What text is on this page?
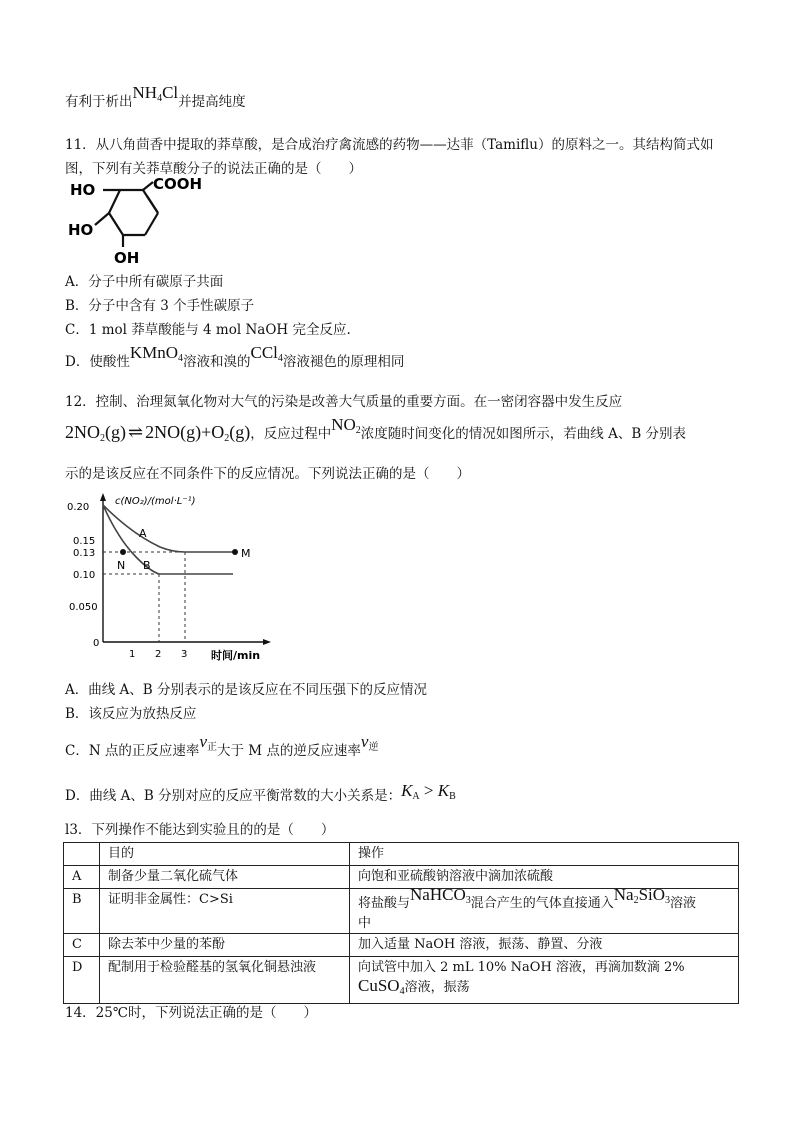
有利于析出$NH_4Cl$并提高纯度
11．从八角茴香中提取的莽草酸，是合成治疗禽流感的药物——达菲（Tamiflu）的原料之一。其结构简式如
图，下列有关莽草酸分子的说法正确的是（　　）
HO	COOH
HO
OH
A．分子中所有碳原子共面
B．分子中含有 3 个手性碳原子
C．1 mol 莽草酸能与 4 mol NaOH 完全反应.
D．使酸性KMnO$_4$溶液和溴的CCl$_4$溶液褪色的原理相同
12．控制、治理氮氧化物对大气的污染是改善大气质量的重要方面。在一密闭容器中发生反应
$2NO_2(g)$ ⇌ $2NO(g)+O_2(g)$，反应过程中$NO_2$浓度随时间变化的情况如图所示，若曲线 A、B 分别表
示的是该反应在不同条件下的反应情况。下列说法正确的是（　　）
c(NO₂)/(mol·L⁻¹)
时间/min
0.20
0.15
0.13
0.10
0.050
0
1 2 3
A
B
N
M
A．曲线 A、B 分别表示的是该反应在不同压强下的反应情况
B．该反应为放热反应
C．N 点的正反应速率$v_正$大于 M 点的逆反应速率$v_逆$
D．曲线 A、B 分别对应的反应平衡常数的大小关系是：$K_A > K_B$
l3．下列操作不能达到实验且的的是（　　）
	目的	操作
A	制备少量二氧化硫气体	向饱和亚硫酸钠溶液中滴加浓硫酸
B	证明非金属性：C>Si	将盐酸与NaHCO$_3$混合产生的气体直接通入$Na_2SiO_3$溶液
中

C	除去苯中少量的苯酚	加入适量 NaOH 溶液，振荡、静置、分液
D	配制用于检验醛基的氢氧化铜悬浊液	向试管中加入 2 mL 10% NaOH 溶液，再滴加数滴 2%
CuSO$_4$溶液，振荡
14．25℃时，下列说法正确的是（　　）
